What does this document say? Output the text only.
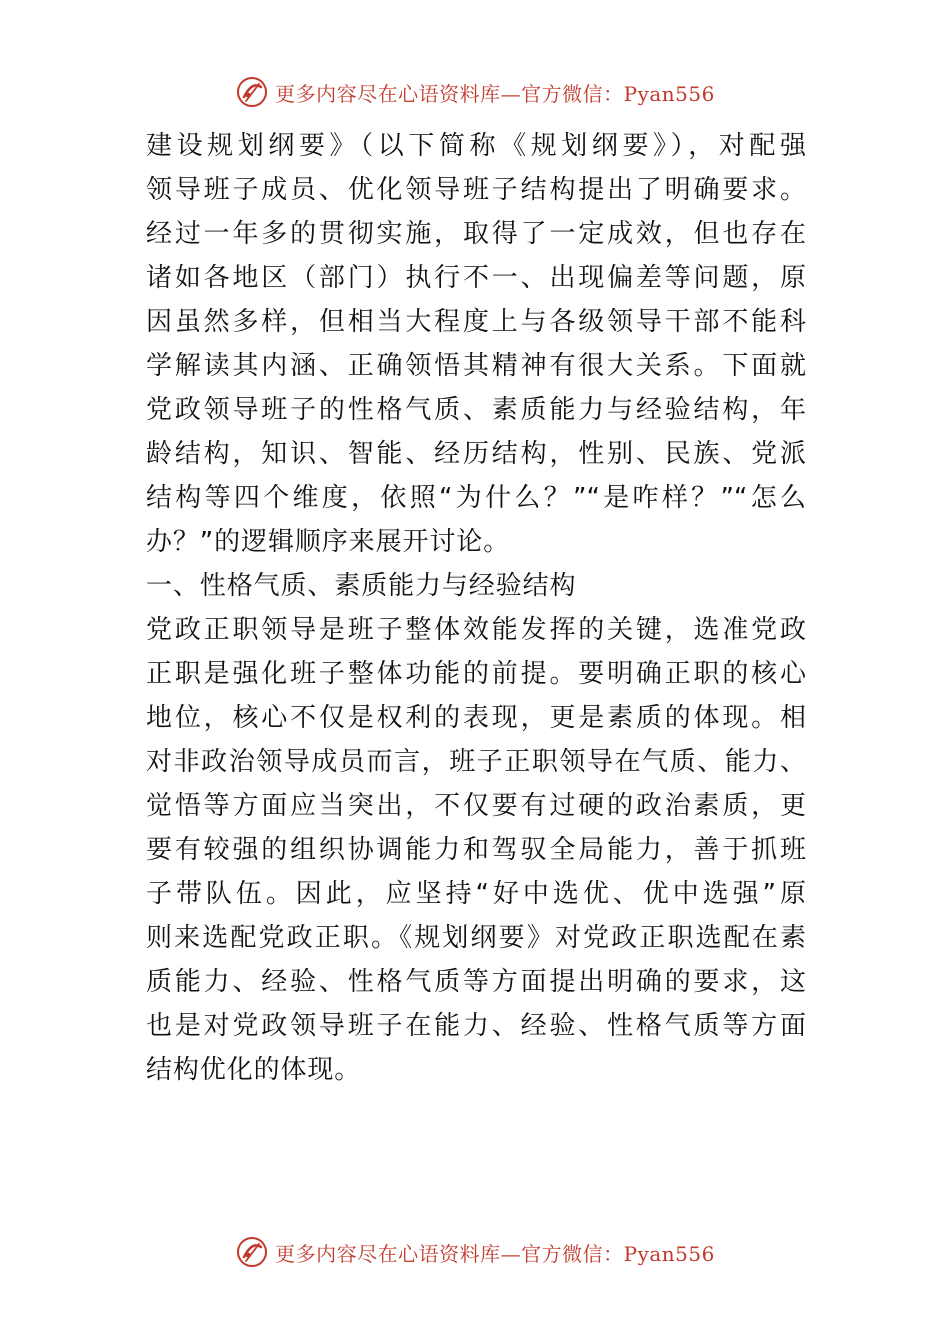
更多内容尽在心语资料库—官方微信：Pyan556
建设规划纲要》（以下简称《规划纲要》），对配强
领导班子成员、优化领导班子结构提出了明确要求。
经过一年多的贯彻实施，取得了一定成效，但也存在
诸如各地区（部门）执行不一、出现偏差等问题，原
因虽然多样，但相当大程度上与各级领导干部不能科
学解读其内涵、正确领悟其精神有很大关系。下面就
党政领导班子的性格气质、素质能力与经验结构，年
龄结构，知识、智能、经历结构，性别、民族、党派
结构等四个维度，依照“为什么？”“是咋样？”“怎么
办？”的逻辑顺序来展开讨论。
一、性格气质、素质能力与经验结构
党政正职领导是班子整体效能发挥的关键，选准党政
正职是强化班子整体功能的前提。要明确正职的核心
地位，核心不仅是权利的表现，更是素质的体现。相
对非政治领导成员而言，班子正职领导在气质、能力、
觉悟等方面应当突出，不仅要有过硬的政治素质，更
要有较强的组织协调能力和驾驭全局能力，善于抓班
子带队伍。因此，应坚持“好中选优、优中选强”原
则来选配党政正职。《规划纲要》对党政正职选配在素
质能力、经验、性格气质等方面提出明确的要求，这
也是对党政领导班子在能力、经验、性格气质等方面
结构优化的体现。
更多内容尽在心语资料库—官方微信：Pyan556
